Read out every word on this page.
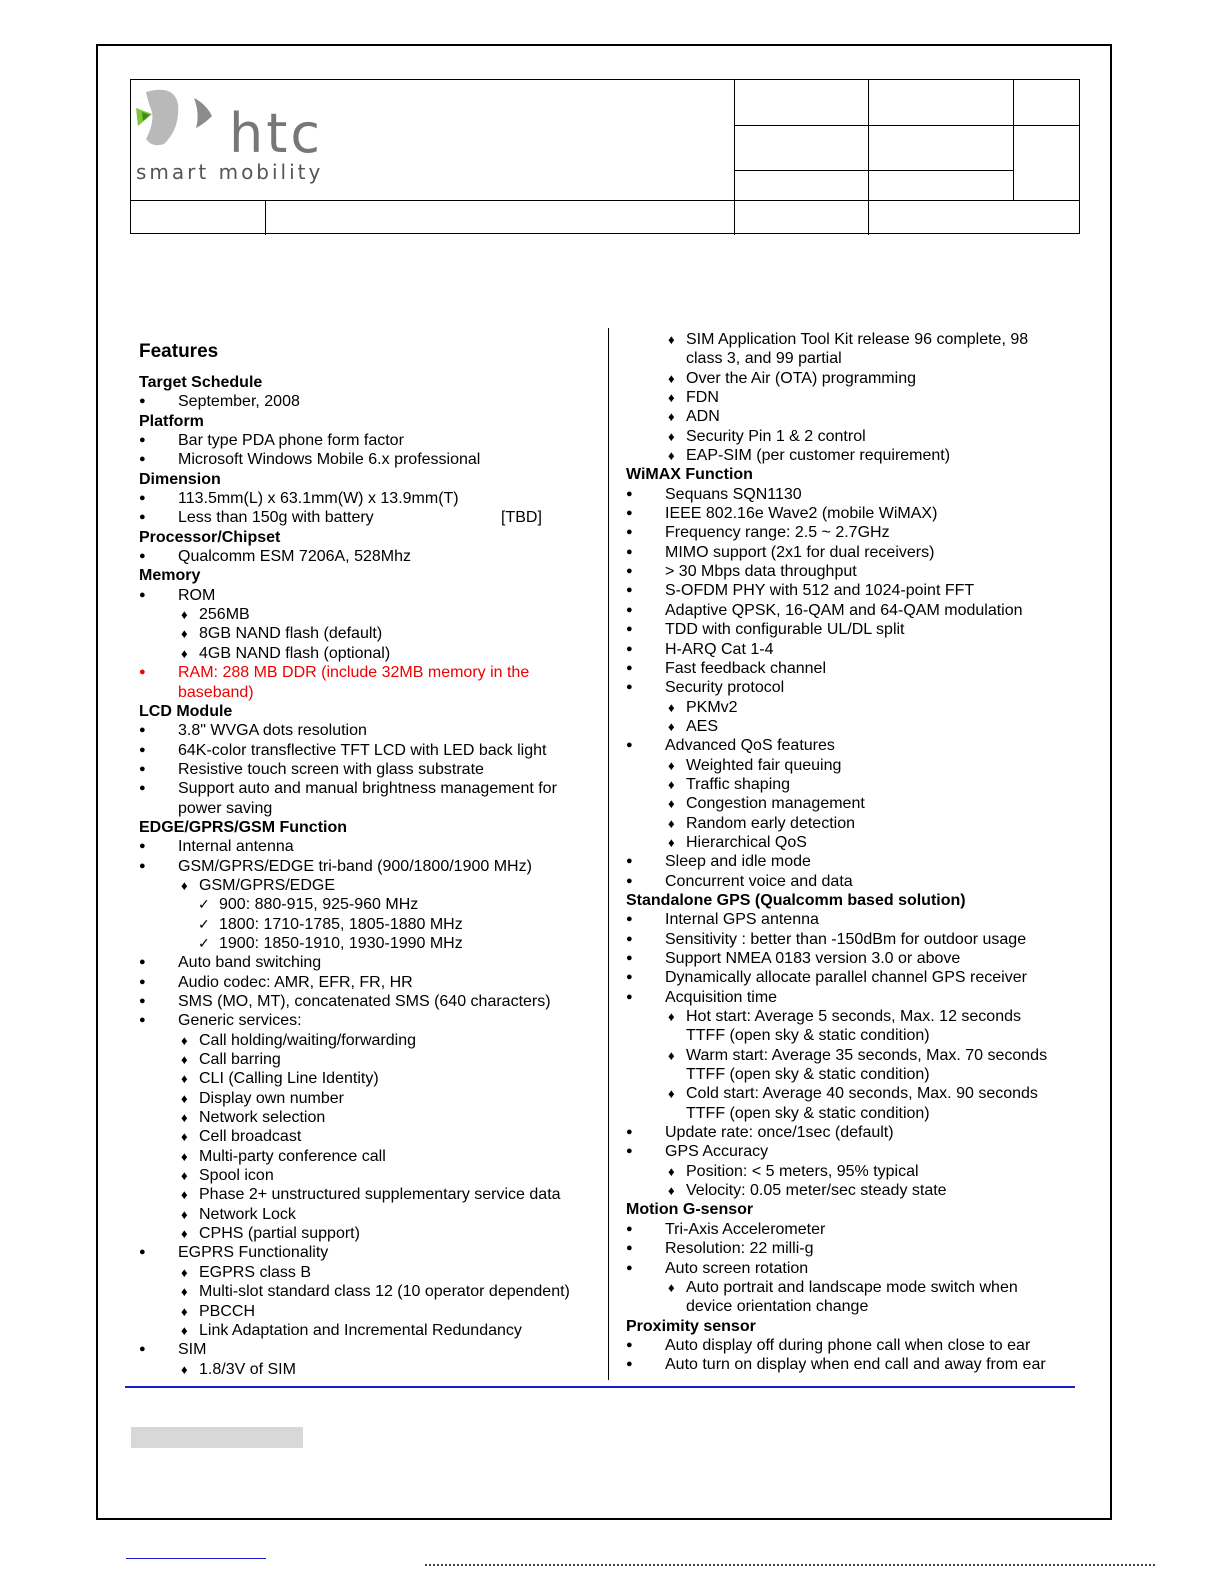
htc
smart mobility
Features
Target Schedule
● September, 2008
Platform
● Bar type PDA phone form factor
● Microsoft Windows Mobile 6.x professional
Dimension
● 113.5mm(L) x 63.1mm(W) x 13.9mm(T)
● Less than 150g with battery	[TBD]
Processor/Chipset
● Qualcomm ESM 7206A, 528Mhz
Memory
● ROM
♦ 256MB
♦ 8GB NAND flash (default)
♦ 4GB NAND flash (optional)
● RAM: 288 MB DDR (include 32MB memory in the
baseband)
LCD Module
● 3.8" WVGA dots resolution
● 64K-color transflective TFT LCD with LED back light
● Resistive touch screen with glass substrate
● Support auto and manual brightness management for
power saving
EDGE/GPRS/GSM Function
● Internal antenna
● GSM/GPRS/EDGE tri-band (900/1800/1900 MHz)
♦ GSM/GPRS/EDGE
✓ 900: 880-915, 925-960 MHz
✓ 1800: 1710-1785, 1805-1880 MHz
✓ 1900: 1850-1910, 1930-1990 MHz
● Auto band switching
● Audio codec: AMR, EFR, FR, HR
● SMS (MO, MT), concatenated SMS (640 characters)
● Generic services:
♦ Call holding/waiting/forwarding
♦ Call barring
♦ CLI (Calling Line Identity)
♦ Display own number
♦ Network selection
♦ Cell broadcast
♦ Multi-party conference call
♦ Spool icon
♦ Phase 2+ unstructured supplementary service data
♦ Network Lock
♦ CPHS (partial support)
● EGPRS Functionality
♦ EGPRS class B
♦ Multi-slot standard class 12 (10 operator dependent)
♦ PBCCH
♦ Link Adaptation and Incremental Redundancy
● SIM
♦ 1.8/3V of SIM
♦ SIM Application Tool Kit release 96 complete, 98
class 3, and 99 partial
♦ Over the Air (OTA) programming
♦ FDN
♦ ADN
♦ Security Pin 1 & 2 control
♦ EAP-SIM (per customer requirement)
WiMAX Function
● Sequans SQN1130
● IEEE 802.16e Wave2 (mobile WiMAX)
● Frequency range: 2.5 ~ 2.7GHz
● MIMO support (2x1 for dual receivers)
● > 30 Mbps data throughput
● S-OFDM PHY with 512 and 1024-point FFT
● Adaptive QPSK, 16-QAM and 64-QAM modulation
● TDD with configurable UL/DL split
● H-ARQ Cat 1-4
● Fast feedback channel
● Security protocol
♦ PKMv2
♦ AES
● Advanced QoS features
♦ Weighted fair queuing
♦ Traffic shaping
♦ Congestion management
♦ Random early detection
♦ Hierarchical QoS
● Sleep and idle mode
● Concurrent voice and data
Standalone GPS (Qualcomm based solution)
● Internal GPS antenna
● Sensitivity : better than -150dBm for outdoor usage
● Support NMEA 0183 version 3.0 or above
● Dynamically allocate parallel channel GPS receiver
● Acquisition time
♦ Hot start: Average 5 seconds, Max. 12 seconds
TTFF (open sky & static condition)
♦ Warm start: Average 35 seconds, Max. 70 seconds
TTFF (open sky & static condition)
♦ Cold start: Average 40 seconds, Max. 90 seconds
TTFF (open sky & static condition)
● Update rate: once/1sec (default)
● GPS Accuracy
♦ Position: < 5 meters, 95% typical
♦ Velocity: 0.05 meter/sec steady state
Motion G-sensor
● Tri-Axis Accelerometer
● Resolution: 22 milli-g
● Auto screen rotation
♦ Auto portrait and landscape mode switch when
device orientation change
Proximity sensor
● Auto display off during phone call when close to ear
● Auto turn on display when end call and away from ear
